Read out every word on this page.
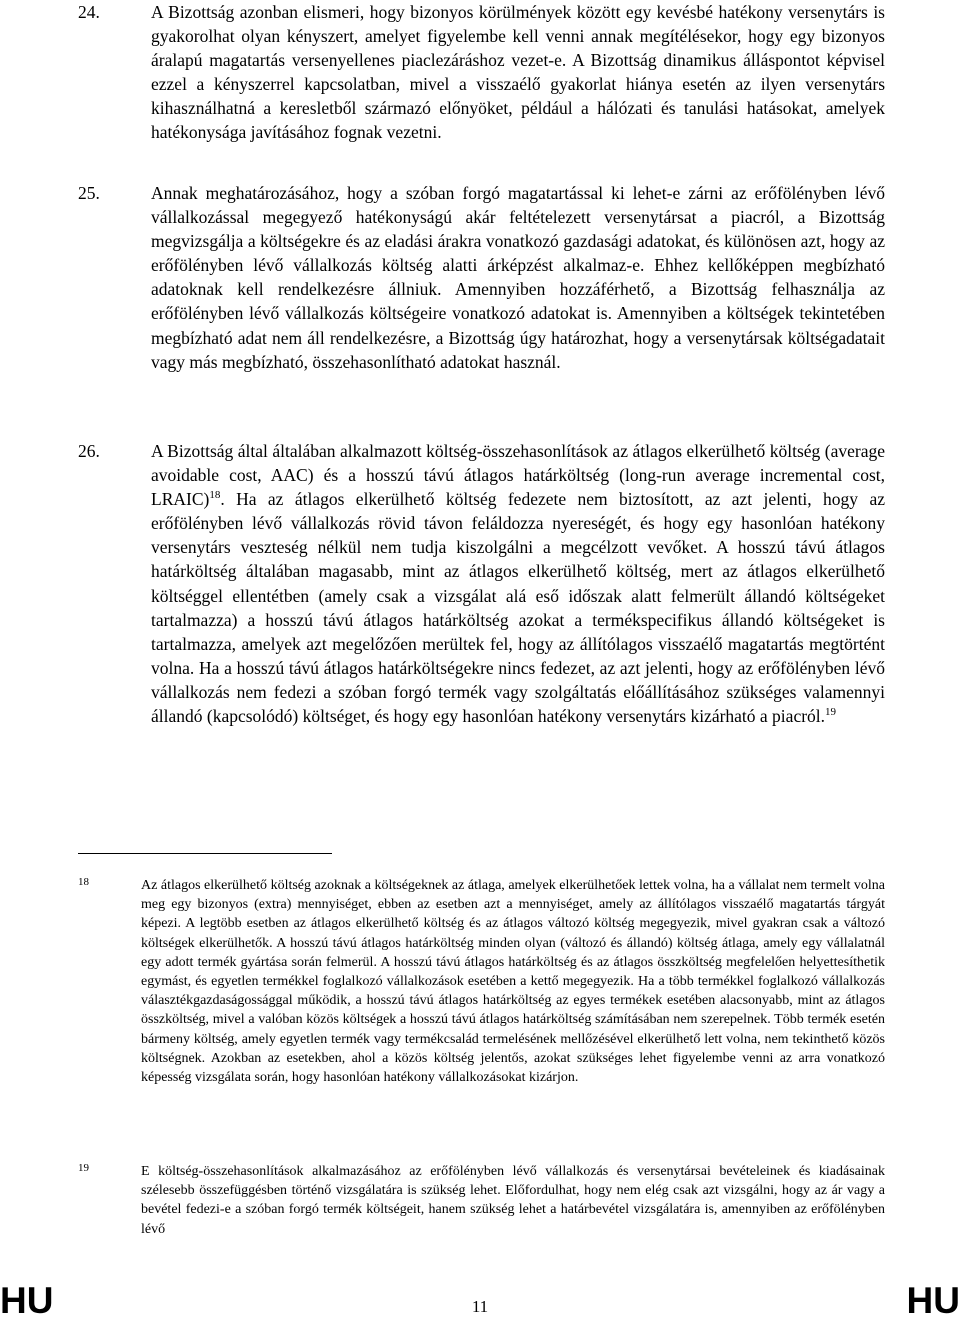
24.	A Bizottság azonban elismeri, hogy bizonyos körülmények között egy kevésbé hatékony versenytárs is gyakorolhat olyan kényszert, amelyet figyelembe kell venni annak megítélésekor, hogy egy bizonyos áralapú magatartás versenyellenes piaclezáráshoz vezet-e. A Bizottság dinamikus álláspontot képvisel ezzel a kényszerrel kapcsolatban, mivel a visszaélő gyakorlat hiánya esetén az ilyen versenytárs kihasználhatná a keresletből származó előnyöket, például a hálózati és tanulási hatásokat, amelyek hatékonysága javításához fognak vezetni.

25.	Annak meghatározásához, hogy a szóban forgó magatartással ki lehet-e zárni az erőfölényben lévő vállalkozással megegyező hatékonyságú akár feltételezett versenytársat a piacról, a Bizottság megvizsgálja a költségekre és az eladási árakra vonatkozó gazdasági adatokat, és különösen azt, hogy az erőfölényben lévő vállalkozás költség alatti árképzést alkalmaz-e. Ehhez kellőképpen megbízható adatoknak kell rendelkezésre állniuk. Amennyiben hozzáférhető, a Bizottság felhasználja az erőfölényben lévő vállalkozás költségeire vonatkozó adatokat is. Amennyiben a költségek tekintetében megbízható adat nem áll rendelkezésre, a Bizottság úgy határozhat, hogy a versenytársak költségadatait vagy más megbízható, összehasonlítható adatokat használ.

26.	A Bizottság által általában alkalmazott költség-összehasonlítások az átlagos elkerülhető költség (average avoidable cost, AAC) és a hosszú távú átlagos határköltség (long-run average incremental cost, LRAIC)$^{18}$. Ha az átlagos elkerülhető költség fedezete nem biztosított, az azt jelenti, hogy az erőfölényben lévő vállalkozás rövid távon feláldozza nyereségét, és hogy egy hasonlóan hatékony versenytárs veszteség nélkül nem tudja kiszolgálni a megcélzott vevőket. A hosszú távú átlagos határköltség általában magasabb, mint az átlagos elkerülhető költség, mert az átlagos elkerülhető költséggel ellentétben (amely csak a vizsgálat alá eső időszak alatt felmerült állandó költségeket tartalmazza) a hosszú távú átlagos határköltség azokat a termékspecifikus állandó költségeket is tartalmazza, amelyek azt megelőzően merültek fel, hogy az állítólagos visszaélő magatartás megtörtént volna. Ha a hosszú távú átlagos határköltségekre nincs fedezet, az azt jelenti, hogy az erőfölényben lévő vállalkozás nem fedezi a szóban forgó termék vagy szolgáltatás előállításához szükséges valamennyi állandó (kapcsolódó) költséget, és hogy egy hasonlóan hatékony versenytárs kizárható a piacról.$^{19}$

18	Az átlagos elkerülhető költség azoknak a költségeknek az átlaga, amelyek elkerülhetőek lettek volna, ha a vállalat nem termelt volna meg egy bizonyos (extra) mennyiséget, ebben az esetben azt a mennyiséget, amely az állítólagos visszaélő magatartás tárgyát képezi. A legtöbb esetben az átlagos elkerülhető költség és az átlagos változó költség megegyezik, mivel gyakran csak a változó költségek elkerülhetők. A hosszú távú átlagos határköltség minden olyan (változó és állandó) költség átlaga, amely egy vállalatnál egy adott termék gyártása során felmerül. A hosszú távú átlagos határköltség és az átlagos összköltség megfelelően helyettesíthetik egymást, és egyetlen termékkel foglalkozó vállalkozások esetében a kettő megegyezik. Ha a több termékkel foglalkozó vállalkozás választékgazdaságossággal működik, a hosszú távú átlagos határköltség az egyes termékek esetében alacsonyabb, mint az átlagos összköltség, mivel a valóban közös költségek a hosszú távú átlagos határköltség számításában nem szerepelnek. Több termék esetén bármeny költség, amely egyetlen termék vagy termékcsalád termelésének mellőzésével elkerülhető lett volna, nem tekinthető közös költségnek. Azokban az esetekben, ahol a közös költség jelentős, azokat szükséges lehet figyelembe venni az arra vonatkozó képesség vizsgálata során, hogy hasonlóan hatékony vállalkozásokat kizárjon.

19	E költség-összehasonlítások alkalmazásához az erőfölényben lévő vállalkozás és versenytársai bevételeinek és kiadásainak szélesebb összefüggésben történő vizsgálatára is szükség lehet. Előfordulhat, hogy nem elég csak azt vizsgálni, hogy az ár vagy a bevétel fedezi-e a szóban forgó termék költségeit, hanem szükség lehet a határbevétel vizsgálatára is, amennyiben az erőfölényben lévő

HU	11	HU
